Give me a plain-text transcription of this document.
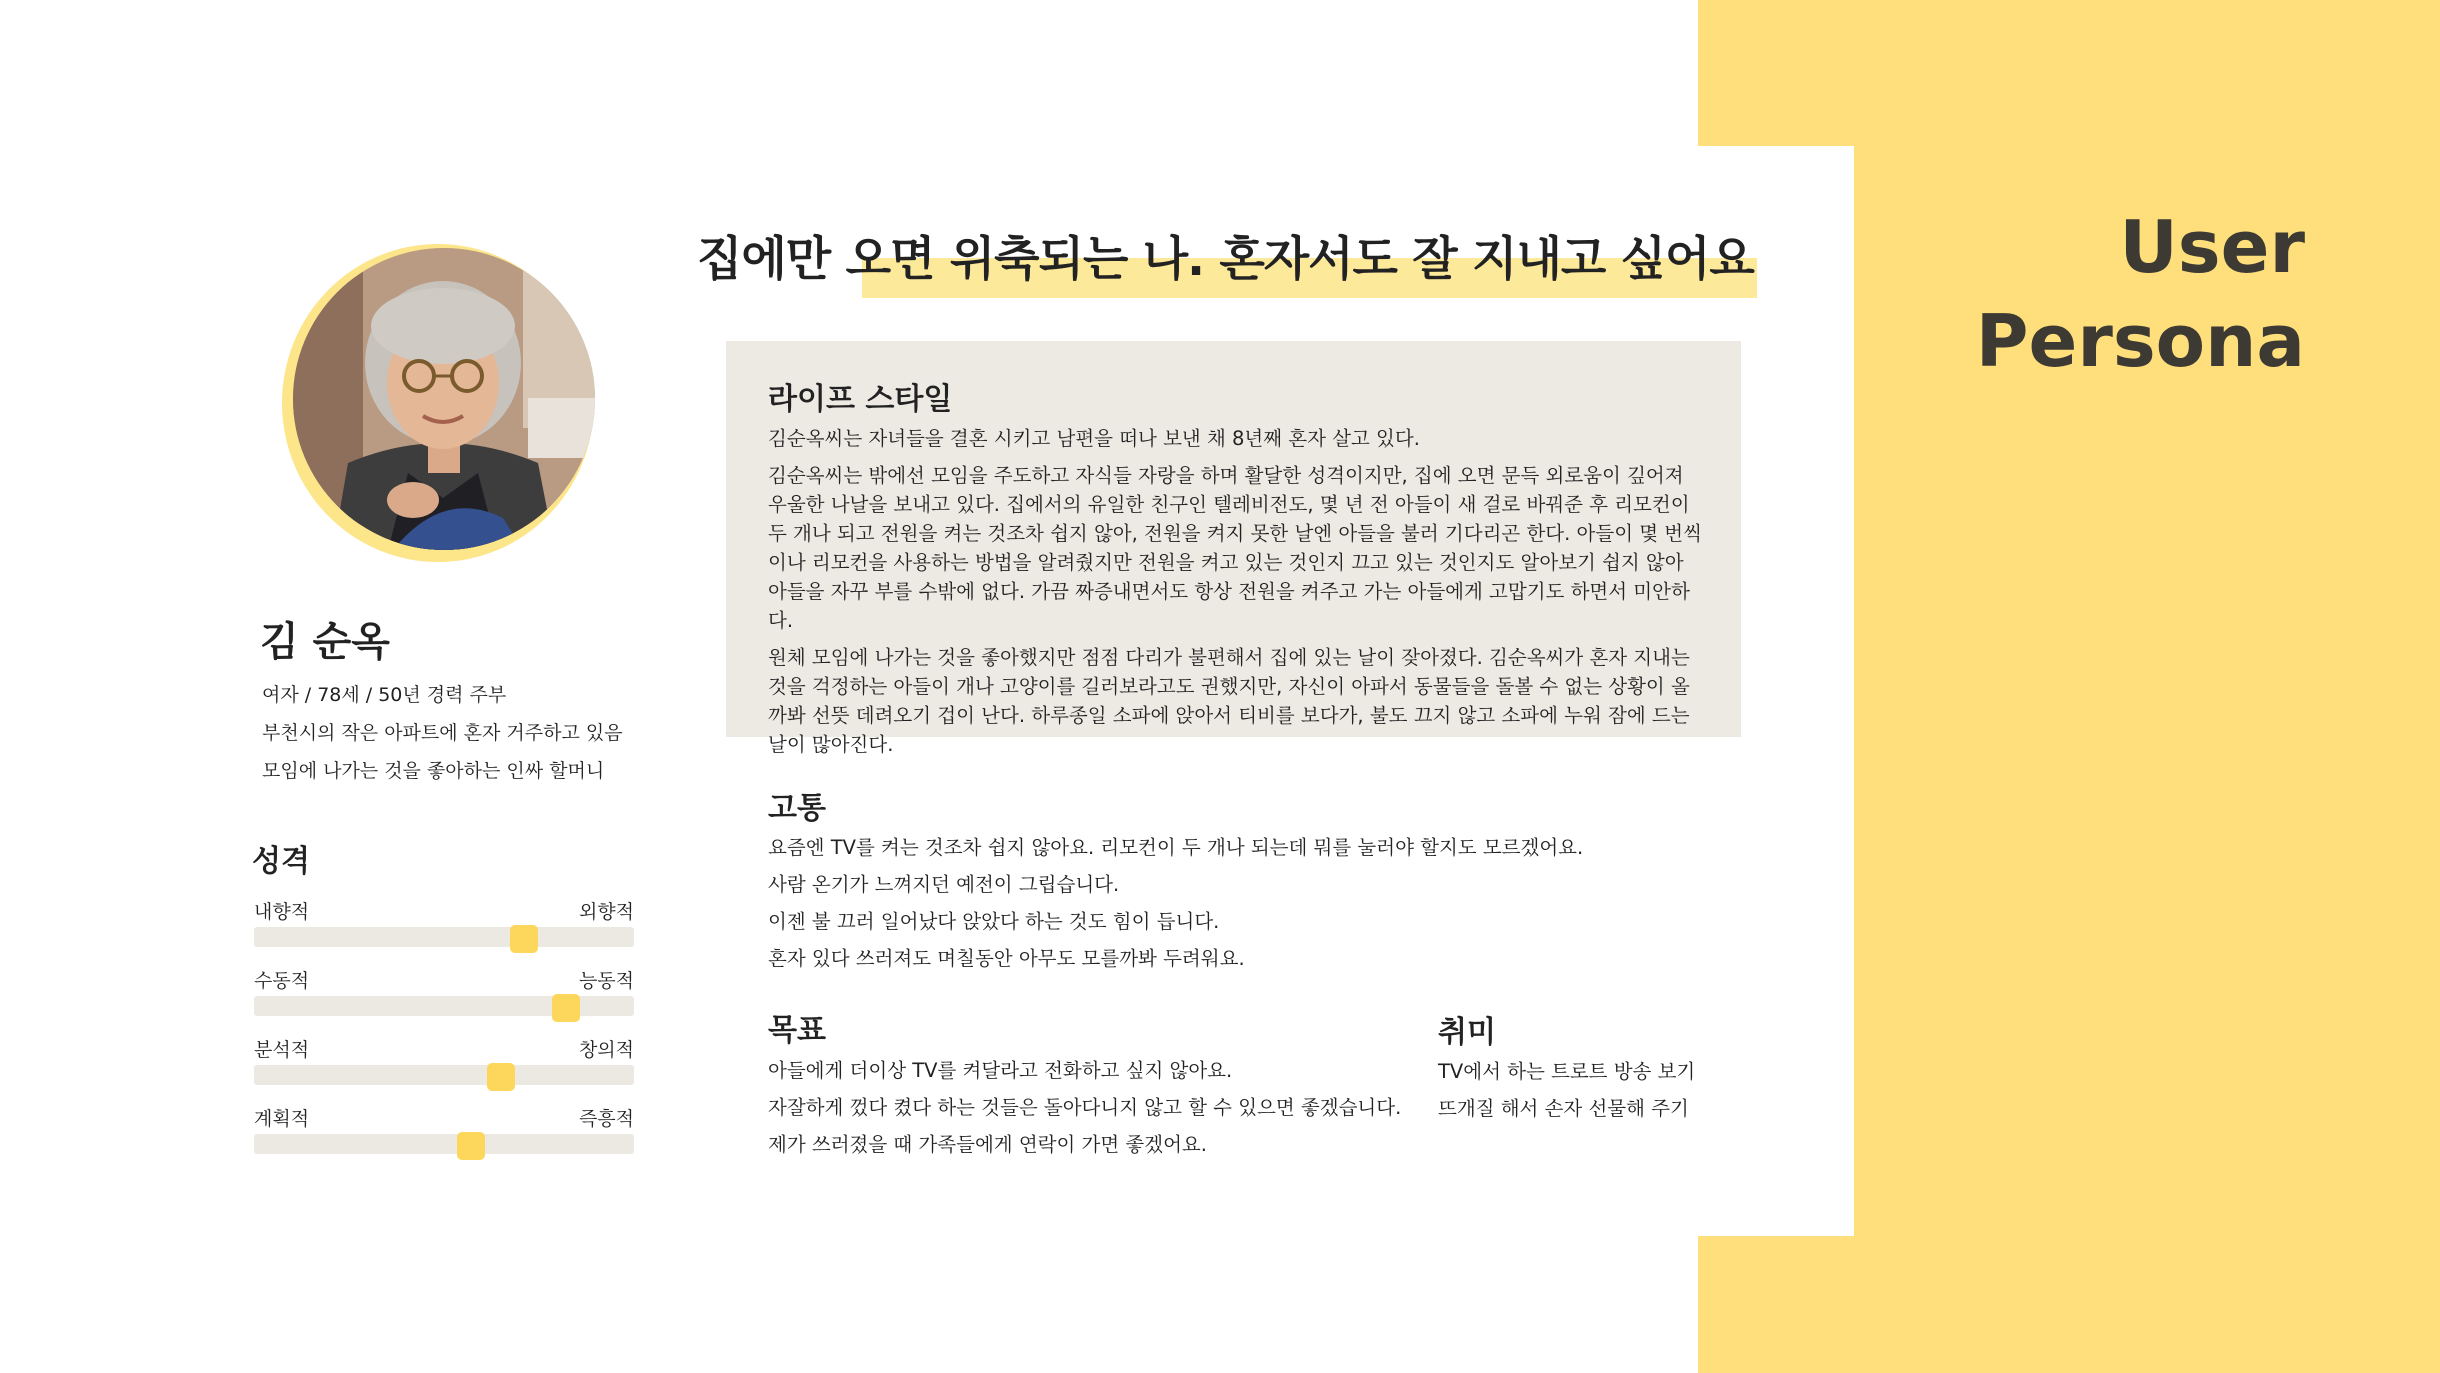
User
Persona
집에만 오면 위축되는 나. 혼자서도 잘 지내고 싶어요
김 순옥
여자 / 78세 / 50년 경력 주부
부천시의 작은 아파트에 혼자 거주하고 있음
모임에 나가는 것을 좋아하는 인싸 할머니
성격
내향적	외향적
수동적	능동적
분석적	창의적
계획적	즉흥적
라이프 스타일

김순옥씨는 자녀들을 결혼 시키고 남편을 떠나 보낸 채 8년째 혼자 살고 있다.

김순옥씨는 밖에선 모임을 주도하고 자식들 자랑을 하며 활달한 성격이지만, 집에 오면 문득 외로움이 깊어져 우울한 나날을 보내고 있다. 집에서의 유일한 친구인 텔레비전도, 몇 년 전 아들이 새 걸로 바꿔준 후 리모컨이 두 개나 되고 전원을 켜는 것조차 쉽지 않아, 전원을 켜지 못한 날엔 아들을 불러 기다리곤 한다. 아들이 몇 번씩이나 리모컨을 사용하는 방법을 알려줬지만 전원을 켜고 있는 것인지 끄고 있는 것인지도 알아보기 쉽지 않아 아들을 자꾸 부를 수밖에 없다. 가끔 짜증내면서도 항상 전원을 켜주고 가는 아들에게 고맙기도 하면서 미안하다.

원체 모임에 나가는 것을 좋아했지만 점점 다리가 불편해서 집에 있는 날이 잦아졌다. 김순옥씨가 혼자 지내는 것을 걱정하는 아들이 개나 고양이를 길러보라고도 권했지만, 자신이 아파서 동물들을 돌볼 수 없는 상황이 올까봐 선뜻 데려오기 겁이 난다. 하루종일 소파에 앉아서 티비를 보다가, 불도 끄지 않고 소파에 누워 잠에 드는 날이 많아진다.

고통
요즘엔 TV를 켜는 것조차 쉽지 않아요. 리모컨이 두 개나 되는데 뭐를 눌러야 할지도 모르겠어요.
사람 온기가 느껴지던 예전이 그립습니다.
이젠 불 끄러 일어났다 앉았다 하는 것도 힘이 듭니다.
혼자 있다 쓰러져도 며칠동안 아무도 모를까봐 두려워요.
목표
아들에게 더이상 TV를 켜달라고 전화하고 싶지 않아요.
자잘하게 껐다 켰다 하는 것들은 돌아다니지 않고 할 수 있으면 좋겠습니다.
제가 쓰러졌을 때 가족들에게 연락이 가면 좋겠어요.
취미
TV에서 하는 트로트 방송 보기
뜨개질 해서 손자 선물해 주기
